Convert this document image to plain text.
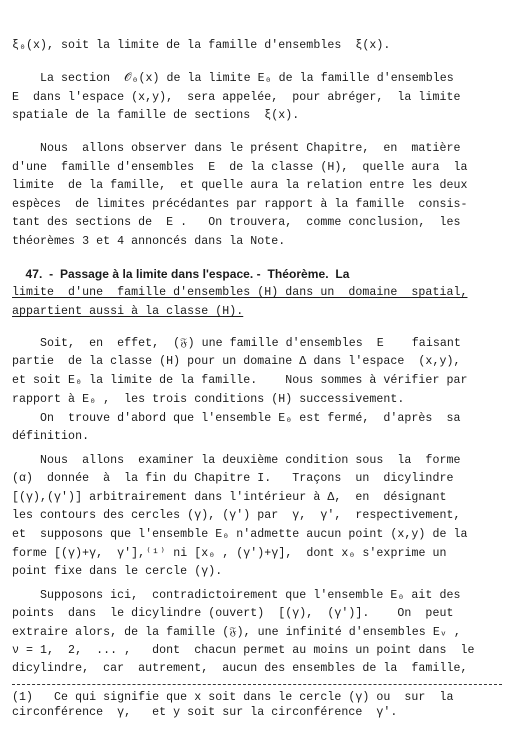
ξ₀(x), soit la limite de la famille d'ensembles  ξ(x).
La section  𝒪₀(x) de la limite E₀ de la famille d'ensembles
E  dans l'espace (x,y),  sera appelée,  pour abréger,  la limite
spatiale de la famille de sections  ξ(x).
Nous  allons observer dans le présent Chapitre,  en  matière
d'une  famille d'ensembles  E  de la classe (H),  quelle aura  la
limite  de la famille,  et quelle aura la relation entre les deux
espèces  de limites précédantes par rapport à la famille  consis-
tant des sections de  E .   On trouvera,  comme conclusion,  les
théorèmes 3 et 4 annoncés dans la Note.
47.  -  Passage à la limite dans l'espace. -  Théorème.  La
limite  d'une  famille d'ensembles (H) dans un  domaine  spatial,
appartient aussi à la classe (H).
Soit,  en  effet,  (𝔉) une famille d'ensembles  E    faisant
partie  de la classe (H) pour un domaine Δ dans l'espace  (x,y),
et soit E₀ la limite de la famille.    Nous sommes à vérifier par
rapport à E₀ ,  les trois conditions (H) successivement.
On  trouve d'abord que l'ensemble E₀ est fermé,  d'après  sa
définition.
Nous  allons  examiner la deuxième condition sous  la  forme
(α)  donnée  à  la fin du Chapitre I.   Traçons  un  dicylindre
[(γ),(γ')] arbitrairement dans l'intérieur à Δ,  en  désignant
les contours des cercles (γ), (γ') par  γ,  γ',  respectivement,
et  supposons que l'ensemble E₀ n'admette aucun point (x,y) de la
forme [(γ)+γ,  γ'],⁽¹⁾ ni [x₀ , (γ')+γ],  dont x₀ s'exprime un
point fixe dans le cercle (γ).
Supposons ici,  contradictoirement que l'ensemble E₀ ait des
points  dans  le dicylindre (ouvert)  [(γ),  (γ')].    On  peut
extraire alors, de la famille (𝔉), une infinité d'ensembles Eᵥ ,
ν = 1,  2,  ... ,   dont  chacun permet au moins un point dans  le
dicylindre,  car  autrement,  aucun des ensembles de la  famille,
(1)   Ce qui signifie que x soit dans le cercle (γ) ou  sur  la
circonférence  γ,   et y soit sur la circonférence  γ'.
